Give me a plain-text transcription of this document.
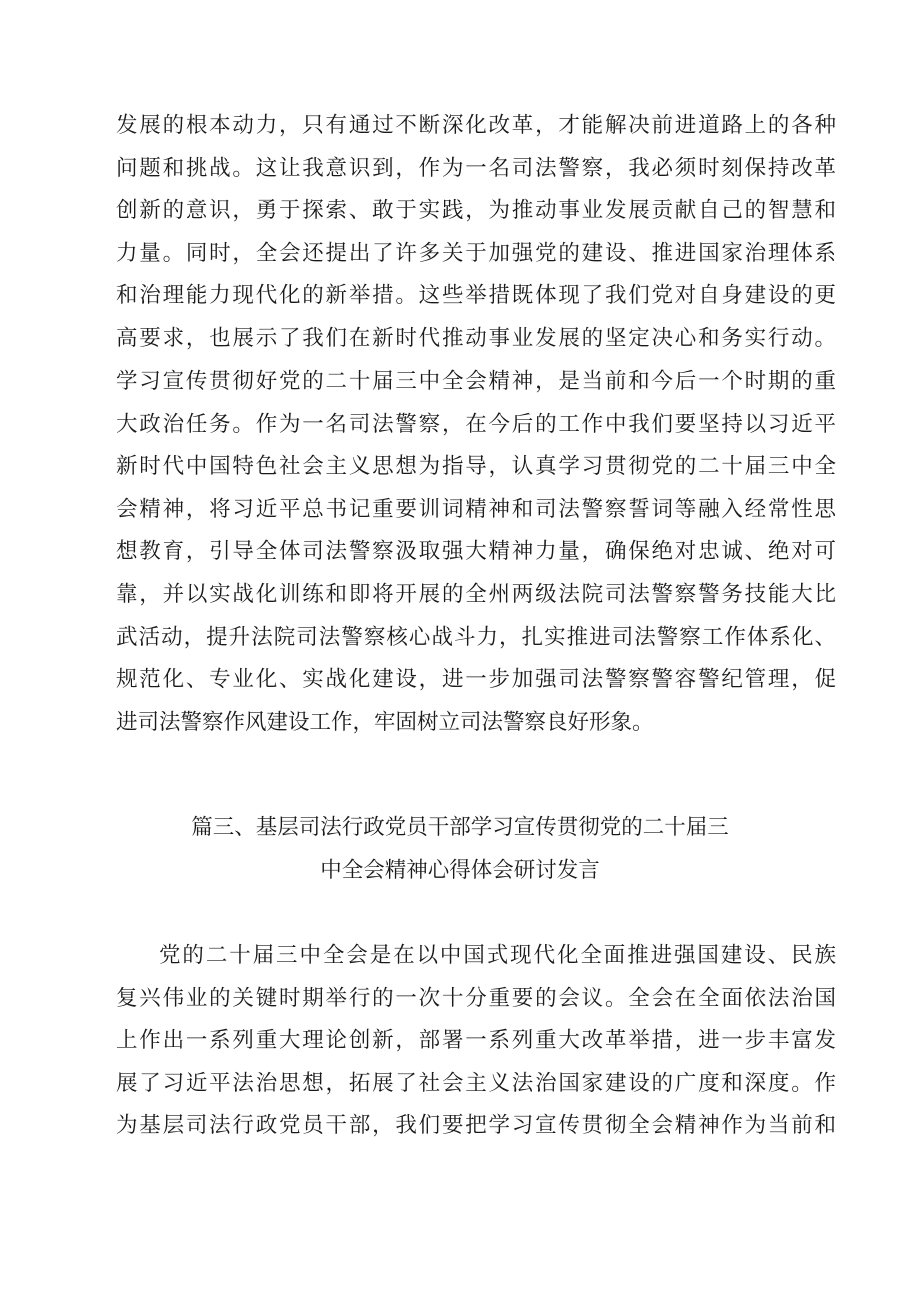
发展的根本动力，只有通过不断深化改革，才能解决前进道路上的各种
问题和挑战。这让我意识到，作为一名司法警察，我必须时刻保持改革
创新的意识，勇于探索、敢于实践，为推动事业发展贡献自己的智慧和
力量。同时，全会还提出了许多关于加强党的建设、推进国家治理体系
和治理能力现代化的新举措。这些举措既体现了我们党对自身建设的更
高要求，也展示了我们在新时代推动事业发展的坚定决心和务实行动。
学习宣传贯彻好党的二十届三中全会精神，是当前和今后一个时期的重
大政治任务。作为一名司法警察，在今后的工作中我们要坚持以习近平
新时代中国特色社会主义思想为指导，认真学习贯彻党的二十届三中全
会精神，将习近平总书记重要训词精神和司法警察誓词等融入经常性思
想教育，引导全体司法警察汲取强大精神力量，确保绝对忠诚、绝对可
靠，并以实战化训练和即将开展的全州两级法院司法警察警务技能大比
武活动，提升法院司法警察核心战斗力，扎实推进司法警察工作体系化、
规范化、专业化、实战化建设，进一步加强司法警察警容警纪管理，促
进司法警察作风建设工作，牢固树立司法警察良好形象。
篇三、基层司法行政党员干部学习宣传贯彻党的二十届三
中全会精神心得体会研讨发言
党的二十届三中全会是在以中国式现代化全面推进强国建设、民族
复兴伟业的关键时期举行的一次十分重要的会议。全会在全面依法治国
上作出一系列重大理论创新，部署一系列重大改革举措，进一步丰富发
展了习近平法治思想，拓展了社会主义法治国家建设的广度和深度。作
为基层司法行政党员干部，我们要把学习宣传贯彻全会精神作为当前和
